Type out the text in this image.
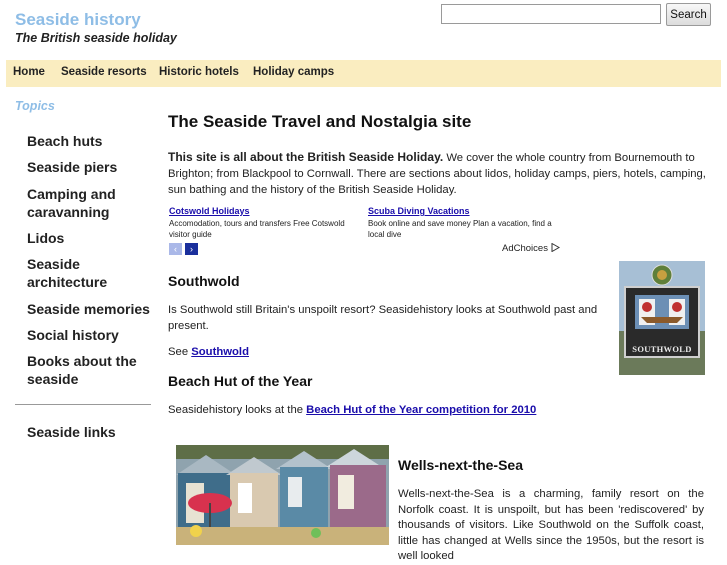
Seaside history
The British seaside holiday
Search
Home Seaside resorts Historic hotels Holiday camps
Topics
Beach huts
Seaside piers
Camping and caravanning
Lidos
Seaside architecture
Seaside memories
Social history
Books about the seaside
Seaside links
The Seaside Travel and Nostalgia site
This site is all about the British Seaside Holiday. We cover the whole country from Bournemouth to Brighton; from Blackpool to Cornwall. There are sections about lidos, holiday camps, piers, hotels, camping, sun bathing and the history of the British Seaside Holiday.
Cotswold Holidays
Accomodation, tours and transfers Free Cotswold visitor guide
Scuba Diving Vacations
Book online and save money Plan a vacation, find a local dive
‹	›	AdChoices
Southwold
Is Southwold still Britain's unspoilt resort? Seasidehistory looks at Southwold past and present.
See Southwold	SOUTHWOLD
Beach Hut of the Year
Seasidehistory looks at the Beach Hut of the Year competition for 2010
Wells-next-the-Sea
Wells-next-the-Sea is a charming, family resort on the Norfolk coast. It is unspoilt, but has been 'rediscovered' by thousands of visitors. Like Southwold on the Suffolk coast, little has changed at Wells since the 1950s, but the resort is well looked
